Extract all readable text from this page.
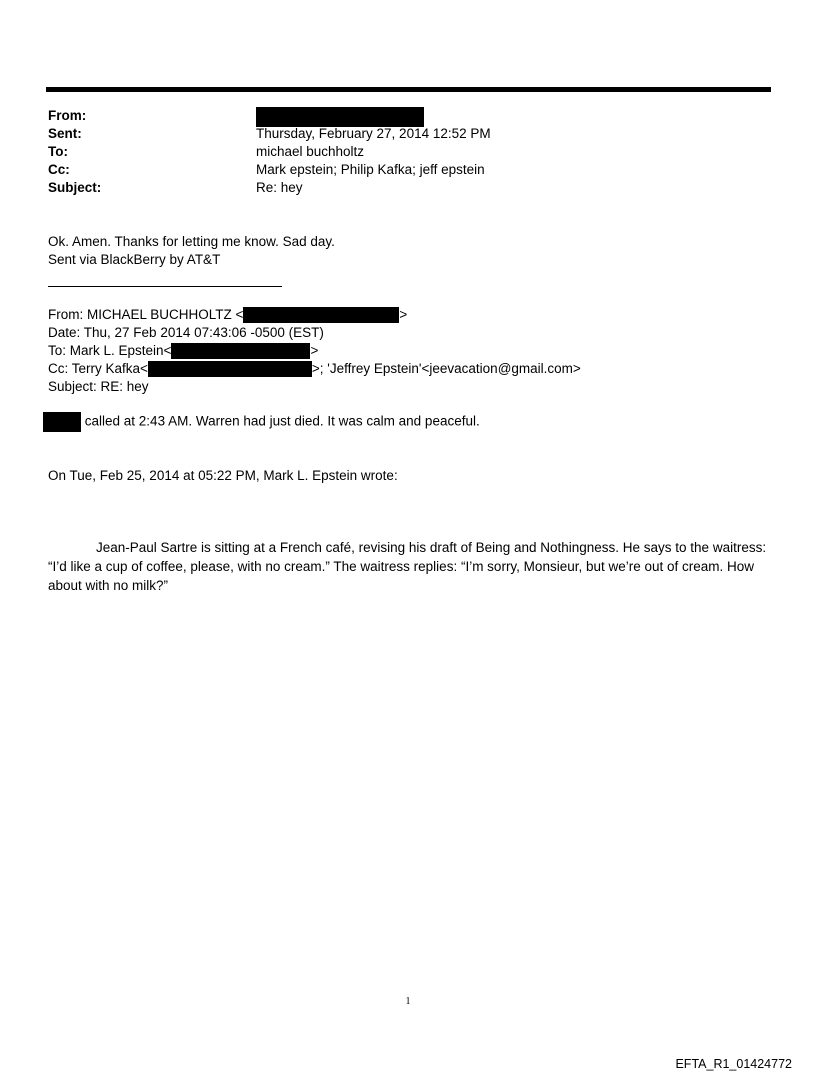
From:
Sent:	Thursday, February 27, 2014 12:52 PM
To:	michael buchholtz
Cc:	Mark epstein; Philip Kafka; jeff epstein
Subject:	Re: hey
Ok. Amen. Thanks for letting me know. Sad day.
Sent via BlackBerry by AT&T
From: MICHAEL BUCHHOLTZ <	>
Date: Thu, 27 Feb 2014 07:43:06 -0500 (EST)
To: Mark L. Epstein<	>
Cc: Terry Kafka<	>; 'Jeffrey Epstein'<jeevacation@gmail.com>
Subject: RE: hey
called at 2:43 AM. Warren had just died. It was calm and peaceful.
On Tue, Feb 25, 2014 at 05:22 PM, Mark L. Epstein wrote:
Jean-Paul Sartre is sitting at a French café, revising his draft of Being and Nothingness. He says to the waitress: “I’d like a cup of coffee, please, with no cream.” The waitress replies: “I’m sorry, Monsieur, but we’re out of cream. How about with no milk?”
1
EFTA_R1_01424772
